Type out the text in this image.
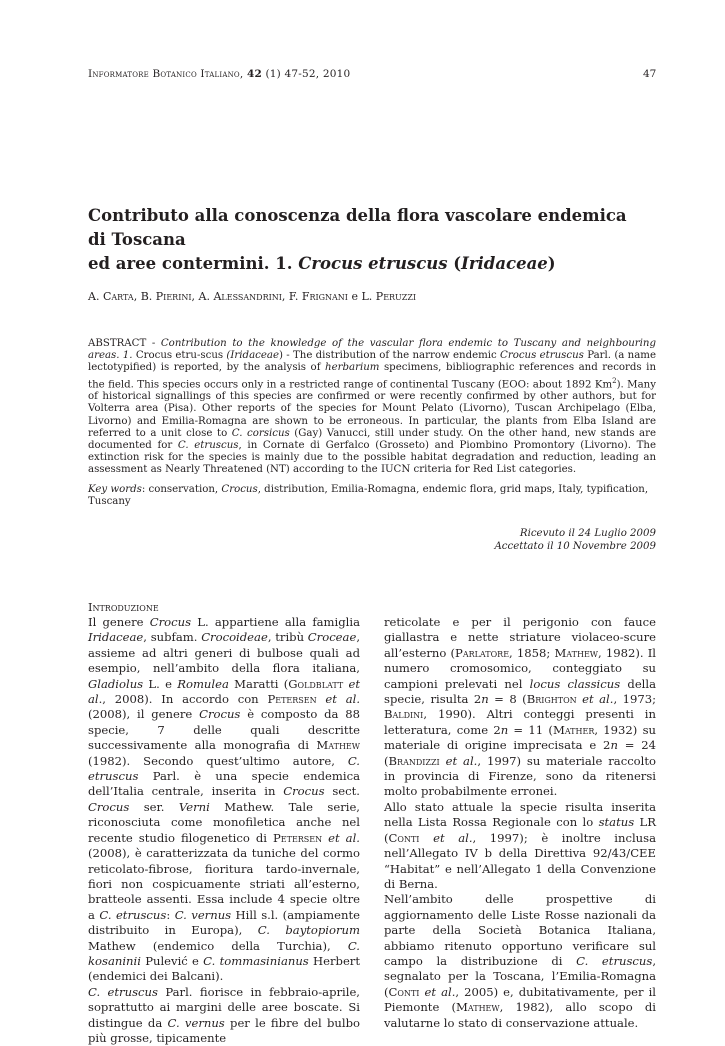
Informatore Botanico Italiano, 42 (1) 47-52, 2010	47
Contributo alla conoscenza della flora vascolare endemica di Toscana
ed aree contermini. 1. Crocus etruscus (Iridaceae)
A. Carta, B. Pierini, A. Alessandrini, F. Frignani e L. Peruzzi
ABSTRACT - Contribution to the knowledge of the vascular flora endemic to Tuscany and neighbouring areas. 1. Crocus etru-scus (Iridaceae) - The distribution of the narrow endemic Crocus etruscus Parl. (a name lectotypified) is reported, by the analysis of herbarium specimens, bibliographic references and records in the field. This species occurs only in a restricted range of continental Tuscany (EOO: about 1892 Km$^2$). Many of historical signallings of this species are confirmed or were recently confirmed by other authors, but for Volterra area (Pisa). Other reports of the species for Mount Pelato (Livorno), Tuscan Archipelago (Elba, Livorno) and Emilia-Romagna are shown to be erroneous. In particular, the plants from Elba Island are referred to a unit close to C. corsicus (Gay) Vanucci, still under study. On the other hand, new stands are documented for C. etruscus, in Cornate di Gerfalco (Grosseto) and Piombino Promontory (Livorno). The extinction risk for the species is mainly due to the possible habitat degradation and reduction, leading an assessment as Nearly Threatened (NT) according to the IUCN criteria for Red List categories.
Key words: conservation, Crocus, distribution, Emilia-Romagna, endemic flora, grid maps, Italy, typification, Tuscany
Ricevuto il 24 Luglio 2009
Accettato il 10 Novembre 2009
Introduzione

Il genere Crocus L. appartiene alla famiglia Iridaceae, subfam. Crocoideae, tribù Croceae, assieme ad altri generi di bulbose quali ad esempio, nell’ambito della flora italiana, Gladiolus L. e Romulea Maratti (Goldblatt et al., 2008). In accordo con Petersen et al. (2008), il genere Crocus è composto da 88 specie, 7 delle quali descritte successivamente alla monografia di Mathew (1982). Secondo quest’ultimo autore, C. etruscus Parl. è una specie endemica dell’Italia centrale, inserita in Crocus sect. Crocus ser. Verni Mathew. Tale serie, riconosciuta come monofiletica anche nel recente studio filogenetico di Petersen et al. (2008), è caratterizzata da tuniche del cormo reticolato-fibrose, fioritura tardo-invernale, fiori non cospicuamente striati all’esterno, bratteole assenti. Essa include 4 specie oltre a C. etruscus: C. vernus Hill s.l. (ampiamente distribuito in Europa), C. baytopiorum Mathew (endemico della Turchia), C. kosaninii Pulević e C. tommasinianus Herbert (endemici dei Balcani).

C. etruscus Parl. fiorisce in febbraio-aprile, soprattutto ai margini delle aree boscate. Si distingue da C. vernus per le fibre del bulbo più grosse, tipicamente

reticolate e per il perigonio con fauce giallastra e nette striature violaceo-scure all’esterno (Parlatore, 1858; Mathew, 1982). Il numero cromosomico, conteggiato su campioni prelevati nel locus classicus della specie, risulta 2n = 8 (Brighton et al., 1973; Baldini, 1990). Altri conteggi presenti in letteratura, come 2n = 11 (Mather, 1932) su materiale di origine imprecisata e 2n = 24 (Brandizzi et al., 1997) su materiale raccolto in provincia di Firenze, sono da ritenersi molto probabilmente erronei.

Allo stato attuale la specie risulta inserita nella Lista Rossa Regionale con lo status LR (Conti et al., 1997); è inoltre inclusa nell’Allegato IV b della Direttiva 92/43/CEE “Habitat” e nell’Allegato 1 della Convenzione di Berna.

Nell’ambito delle prospettive di aggiornamento delle Liste Rosse nazionali da parte della Società Botanica Italiana, abbiamo ritenuto opportuno verificare sul campo la distribuzione di C. etruscus, segnalato per la Toscana, l’Emilia-Romagna (Conti et al., 2005) e, dubitativamente, per il Piemonte (Mathew, 1982), allo scopo di valutarne lo stato di conservazione attuale.
